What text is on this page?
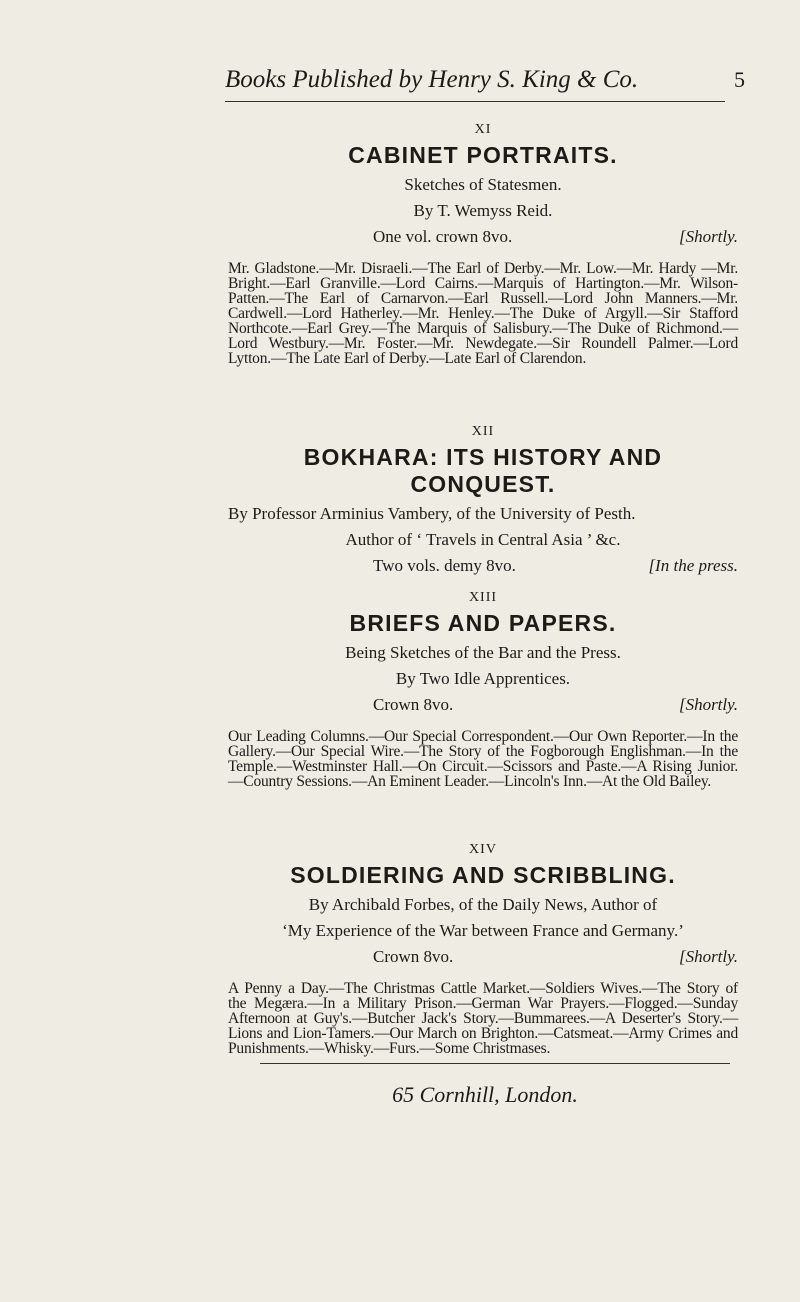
Books Published by Henry S. King & Co.	5
XI
CABINET PORTRAITS.
Sketches of Statesmen.
By T. Wemyss Reid.
One vol. crown 8vo.	[Shortly.
Mr. Gladstone.—Mr. Disraeli.—The Earl of Derby.—Mr. Low.—Mr. Hardy —Mr. Bright.—Earl Granville.—Lord Cairns.—Marquis of Hartington.—Mr. Wilson-Patten.—The Earl of Carnarvon.—Earl Russell.—Lord John Manners.—Mr. Cardwell.—Lord Hatherley.—Mr. Henley.—The Duke of Argyll.—Sir Stafford Northcote.—Earl Grey.—The Marquis of Salisbury.—The Duke of Richmond.—Lord Westbury.—Mr. Foster.—Mr. Newdegate.—Sir Roundell Palmer.—Lord Lytton.—The Late Earl of Derby.—Late Earl of Clarendon.
XII
BOKHARA: ITS HISTORY AND CONQUEST.
By Professor Arminius Vambery, of the University of Pesth.
Author of ‘ Travels in Central Asia ’ &c.
Two vols. demy 8vo.	[In the press.
XIII
BRIEFS AND PAPERS.
Being Sketches of the Bar and the Press.
By Two Idle Apprentices.
Crown 8vo.	[Shortly.
Our Leading Columns.—Our Special Correspondent.—Our Own Reporter.—In the Gallery.—Our Special Wire.—The Story of the Fogborough Englishman.—In the Temple.—Westminster Hall.—On Circuit.—Scissors and Paste.—A Rising Junior.—Country Sessions.—An Eminent Leader.—Lincoln's Inn.—At the Old Bailey.
XIV
SOLDIERING AND SCRIBBLING.
By Archibald Forbes, of the Daily News, Author of
‘My Experience of the War between France and Germany.’
Crown 8vo.	[Shortly.
A Penny a Day.—The Christmas Cattle Market.—Soldiers Wives.—The Story of the Megæra.—In a Military Prison.—German War Prayers.—Flogged.—Sunday Afternoon at Guy's.—Butcher Jack's Story.—Bummarees.—A Deserter's Story.—Lions and Lion-Tamers.—Our March on Brighton.—Catsmeat.—Army Crimes and Punishments.—Whisky.—Furs.—Some Christmases.
65 Cornhill, London.
